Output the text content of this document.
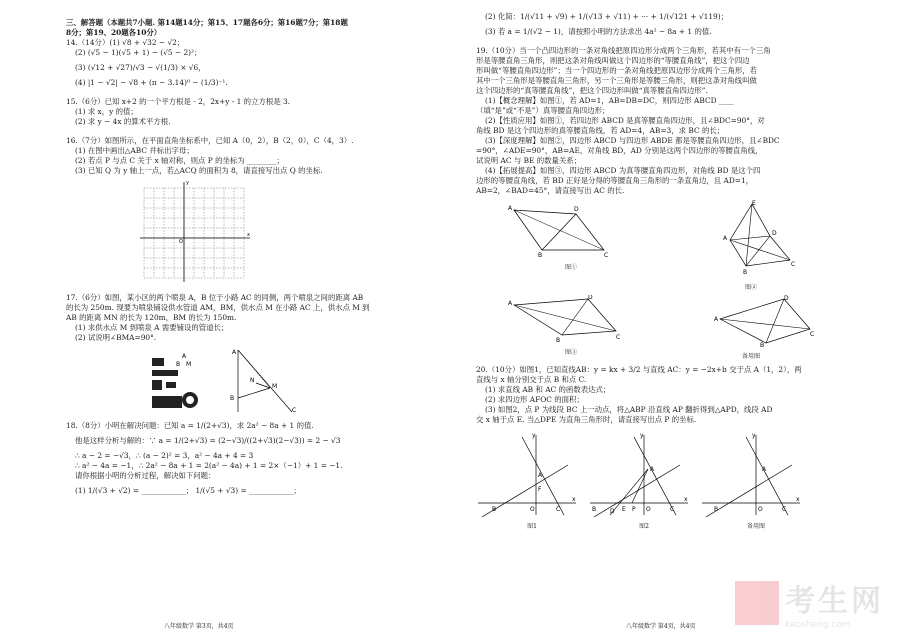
三、解答题（本题共7小题. 第14题14分；第15、17题各6分；第16题7分；第18题
8分；第19、20题各10分）
14.（14分）(1) √8 + √32 − √2；
(2) (√5 − 1)(√5 + 1) − (√5 − 2)²；
(3) (√12 + √27)/√3 − √(1/3) × √6，
(4) |1 − √2| − √8 + (π − 3.14)⁰ − (1/3)⁻¹.
15.（6分）已知 x+2 的一个平方根是 - 2，2x+y - 1 的立方根是 3.
(1) 求 x，y 的值；
(2) 求 y − 4x 的算术平方根.
16.（7分）如图所示，在平面直角坐标系中，已知 A（0，2），B（2，0），C（4，3）.
(1) 在图中画出△ABC 并标出字母；
(2) 若点 P 与点 C 关于 x 轴对称，则点 P 的坐标为 ________；
(3) 已知 Q 为 y 轴上一点，若△ACQ 的面积为 8，请直接写出点 Q 的坐标.
x
y
O
17.（6分）如图，某小区的两个喷泉 A，B 位于小路 AC 的同侧，两个喷泉之间的距离 AB
的长为 250m. 现要为喷泉铺设供水管道 AM，BM，供水点 M 在小路 AC 上，供水点 M 到
AB 的距离 MN 的长为 120m，BM 的长为 150m.
(1) 求供水点 M 到喷泉 A 需要铺设的管道长；
(2) 试说明∠BMA=90°.
A
M
B
A
M
B
N
C
18.（8分）小明在解决问题：已知 a = 1/(2+√3)，求 2a² − 8a + 1 的值.
他是这样分析与解的：∵ a = 1/(2+√3) = (2−√3)/((2+√3)(2−√3)) = 2 − √3
∴ a − 2 = −√3，∴ (a − 2)² = 3，a² − 4a + 4 = 3
∴ a² − 4a = −1，∴ 2a² − 8a + 1 = 2(a² − 4a) + 1 = 2×（−1）+ 1 = −1.
请你根据小明的分析过程，解决如下问题：
(1) 1/(√3 + √2) = ____________； 1/(√5 + √3) = ____________；
八年级数学 第3页，共4页
(2) 化简：1/(√11 + √9) + 1/(√13 + √11) + ··· + 1/(√121 + √119)；
(3) 若 a = 1/(√2 − 1)，请按照小明的方法求出 4a² − 8a + 1 的值.
19.（10分）当一个凸四边形的一条对角线把原四边形分成两个三角形，若其中有一个三角
形是等腰直角三角形，则把这条对角线叫做这个四边形的“等腰直角线”，把这个四边
形叫做“等腰直角四边形”；当一个四边形的一条对角线把原四边形分成两个三角形，若
其中一个三角形是等腰直角三角形，另一个三角形是等腰三角形，则把这条对角线叫做
这个四边形的“真等腰直角线”，把这个四边形叫做“真等腰直角四边形”.
(1)【概念理解】如图①，若 AD=1，AB=DB=DC，则四边形 ABCD ____
（填“是”或“不是”）真等腰直角四边形；
(2)【性质应用】如图①，若四边形 ABCD 是真等腰直角四边形，且∠BDC=90°，对
角线 BD 是这个四边形的真等腰直角线，若 AD=4，AB=3，求 BC 的长；
(3)【深度理解】如图②，四边形 ABCD 与四边形 ABDE 都是等腰直角四边形，且∠BDC
=90°，∠ADE=90°，AB=AE，对角线 BD，AD 分别是这两个四边形的等腰直角线，
试说明 AC 与 BE 的数量关系；
(4)【拓展提高】如图③，四边形 ABCD 为真等腰直角四边形，对角线 BD 是这个四
边形的等腰直角线，若 BD 正好是分得的等腰直角三角形的一条直角边，且 AD=1，
AB=2，∠BAD=45°，请直接写出 AC 的长.
A	D
B	C
图①
E
A
D
B
C
图②
A
D
B	C
图③
A
D
B
C
备用图
20.（10分）如图1，已知直线AB：y = kx + 3/2 与直线 AC：y = −2x+b 交于点 A（1，2），两
直线与 x 轴分别交于点 B 和点 C.
(1) 求直线 AB 和 AC 的函数表达式；
(2) 求四边形 AFOC 的面积；
(3) 如图2，点 P 为线段 BC 上一动点，将△ABP 沿直线 AP 翻折得到△APD，线段 AD
交 x 轴于点 E. 当△DPE 为直角三角形时，请直接写出点 P 的坐标.
x
y
A
B	O	C
F
图1
x
y
A
B D E P O	C
图2
x
y
A
B	O	C
备用图
八年级数学 第4页，共4页
考生网
kaosheng.com
